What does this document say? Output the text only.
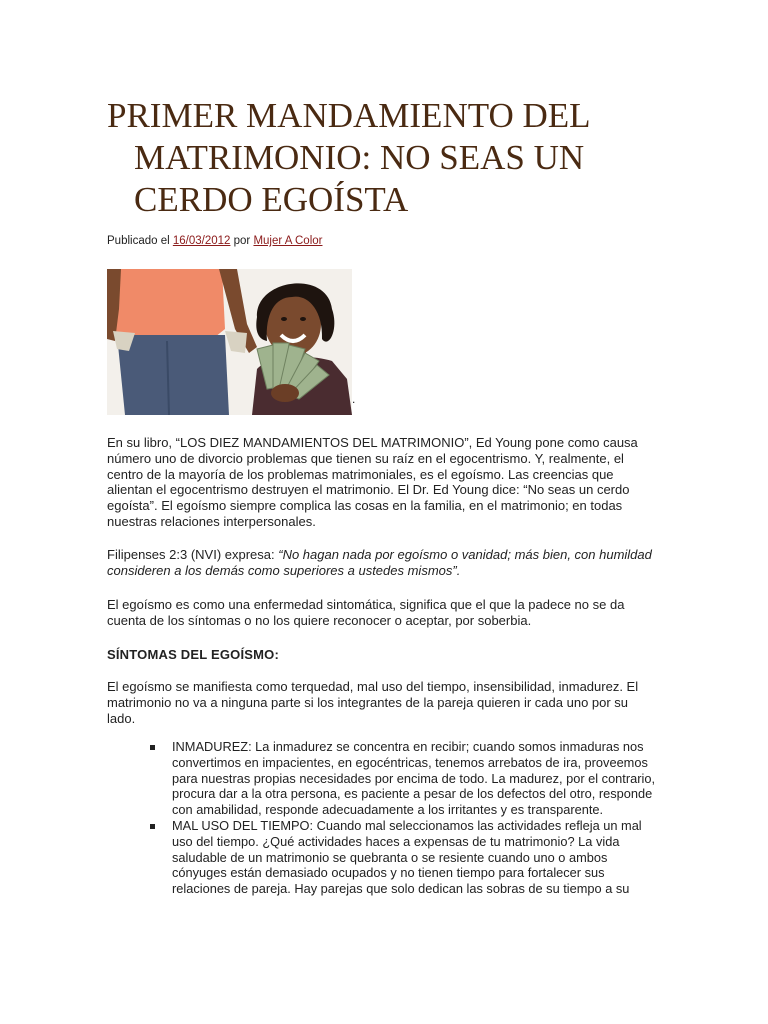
PRIMER MANDAMIENTO DEL MATRIMONIO: NO SEAS UN CERDO EGOÍSTA
Publicado el 16/03/2012 por Mujer A Color
.

En su libro, “LOS DIEZ MANDAMIENTOS DEL MATRIMONIO”, Ed Young pone como causa número uno de divorcio problemas que tienen su raíz en el egocentrismo. Y, realmente, el centro de la mayoría de los problemas matrimoniales, es el egoísmo. Las creencias que alientan el egocentrismo destruyen el matrimonio. El Dr. Ed Young dice: “No seas un cerdo egoísta”. El egoísmo siempre complica las cosas en la familia, en el matrimonio; en todas nuestras relaciones interpersonales.

Filipenses 2:3 (NVI) expresa: “No hagan nada por egoísmo o vanidad; más bien, con humildad consideren a los demás como superiores a ustedes mismos”.

El egoísmo es como una enfermedad sintomática, significa que el que la padece no se da cuenta de los síntomas o no los quiere reconocer o aceptar, por soberbia.

SÍNTOMAS DEL EGOÍSMO:

El egoísmo se manifiesta como terquedad, mal uso del tiempo, insensibilidad, inmadurez. El matrimonio no va a ninguna parte si los integrantes de la pareja quieren ir cada uno por su lado.

INMADUREZ: La inmadurez se concentra en recibir; cuando somos inmaduras nos convertimos en impacientes, en egocéntricas, tenemos arrebatos de ira, proveemos para nuestras propias necesidades por encima de todo. La madurez, por el contrario, procura dar a la otra persona, es paciente a pesar de los defectos del otro, responde con amabilidad, responde adecuadamente a los irritantes y es transparente.
MAL USO DEL TIEMPO: Cuando mal seleccionamos las actividades refleja un mal uso del tiempo. ¿Qué actividades haces a expensas de tu matrimonio? La vida saludable de un matrimonio se quebranta o se resiente cuando uno o ambos cónyuges están demasiado ocupados y no tienen tiempo para fortalecer sus relaciones de pareja. Hay parejas que solo dedican las sobras de su tiempo a su
